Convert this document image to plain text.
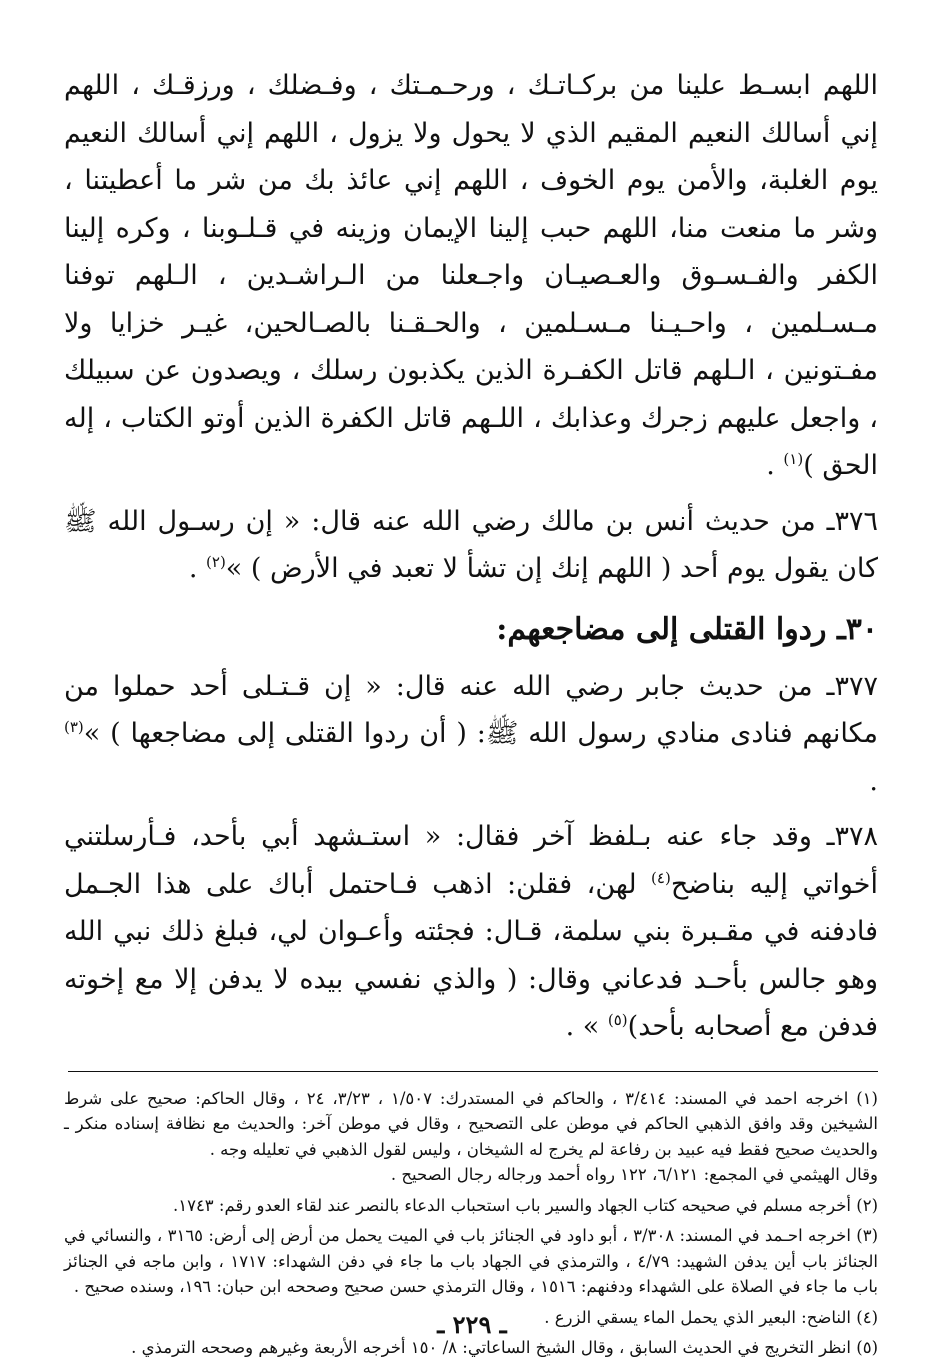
اللهم ابسـط علينا من بركـاتـك ، ورحـمـتك ، وفـضلك ، ورزقـك ، اللهم إني أسالك النعيم المقيم الذي لا يحول ولا يزول ، اللهم إني أسالك النعيم يوم الغلبة، والأمن يوم الخوف ، اللهم إني عائذ بك من شر ما أعطيتنا ، وشر ما منعت منا، اللهم حبب إلينا الإيمان وزينه في قـلـوبنا ، وكره إلينا الكفر والفـسـوق والعـصيـان واجـعلنا من الـراشـدين ، الـلهم توفنا مـسـلمين ، واحـيـنا مـسـلمين ، والحـقـنا بالصـالحين، غيـر خزايا ولا مفـتونين ، الـلهم قاتل الكفـرة الذين يكذبون رسلك ، ويصدون عن سبيلك ، واجعل عليهم زجرك وعذابك ، اللـهم قاتل الكفرة الذين أوتو الكتاب ، إله الحق )$^{(١)}$ .

٣٧٦ـ من حديث أنس بن مالك رضي الله عنه قال: « إن رسـول الله ﷺ كان يقول يوم أحد ( اللهم إنك إن تشأ لا تعبد في الأرض ) »$^{(٢)}$ .

٣٠ـ ردوا القتلى إلى مضاجعهم:

٣٧٧ـ من حديث جابر رضي الله عنه قال: « إن قـتـلى أحد حملوا من مكانهم فنادى منادي رسول الله ﷺ: ( أن ردوا القتلى إلى مضاجعها ) »$^{(٣)}$ .

٣٧٨ـ وقد جاء عنه بـلفظ آخر فقال: « استـشهد أبي بأحد، فـأرسلتني أخواتي إليه بناضح$^{(٤)}$ لهن، فقلن: اذهب فـاحتمل أباك على هذا الجـمل فادفنه في مقـبرة بني سلمة، قـال: فجئته وأعـوان لي، فبلغ ذلك نبي الله وهو جالس بأحـد فدعاني وقال: ( والذي نفسي بيده لا يدفن إلا مع إخوته فدفن مع أصحابه بأحد)$^{(٥)}$ » .

(١) اخرجه احمد في المسند: ٣/٤١٤ ، والحاكم في المستدرك: ١/٥٠٧ ، ٣/٢٣، ٢٤ ، وقال الحاكم: صحيح على شرط الشيخين وقد وافق الذهبي الحاكم في موطن على التصحيح ، وقال في موطن آخر: والحديث مع نظافة إسناده منكر ـ والحديث صحيح فقط فيه عبيد بن رفاعة لم يخرج له الشيخان ، وليس لقول الذهبي في تعليله وجه .
وقال الهيثمي في المجمع: ٦/١٢١، ١٢٢ رواه أحمد ورجاله رجال الصحيح .
(٢) أخرجه مسلم في صحيحه كتاب الجهاد والسير باب استحباب الدعاء بالنصر عند لقاء العدو رقم: ١٧٤٣.
(٣) اخرجه احـمد في المسند: ٣/٣٠٨ ، أبو داود في الجنائز باب في الميت يحمل من أرض إلى أرض: ٣١٦٥ ، والنسائي في الجنائز باب أين يدفن الشهيد: ٤/٧٩ ، والترمذي في الجهاد باب ما جاء في دفن الشهداء: ١٧١٧ ، وابن ماجه في الجنائز باب ما جاء في الصلاة على الشهداء ودفنهم: ١٥١٦ ، وقال الترمذي حسن صحيح وصححه ابن حبان: ١٩٦، وسنده صحيح .
(٤) الناضح: البعير الذي يحمل الماء يسقي الزرع .
(٥) انظر التخريج في الحديث السابق ، وقال الشيخ الساعاتي: ٨/ ١٥٠ أخرجه الأربعة وغيرهم وصححه الترمذي .
ـ ٢٢٩ ـ
